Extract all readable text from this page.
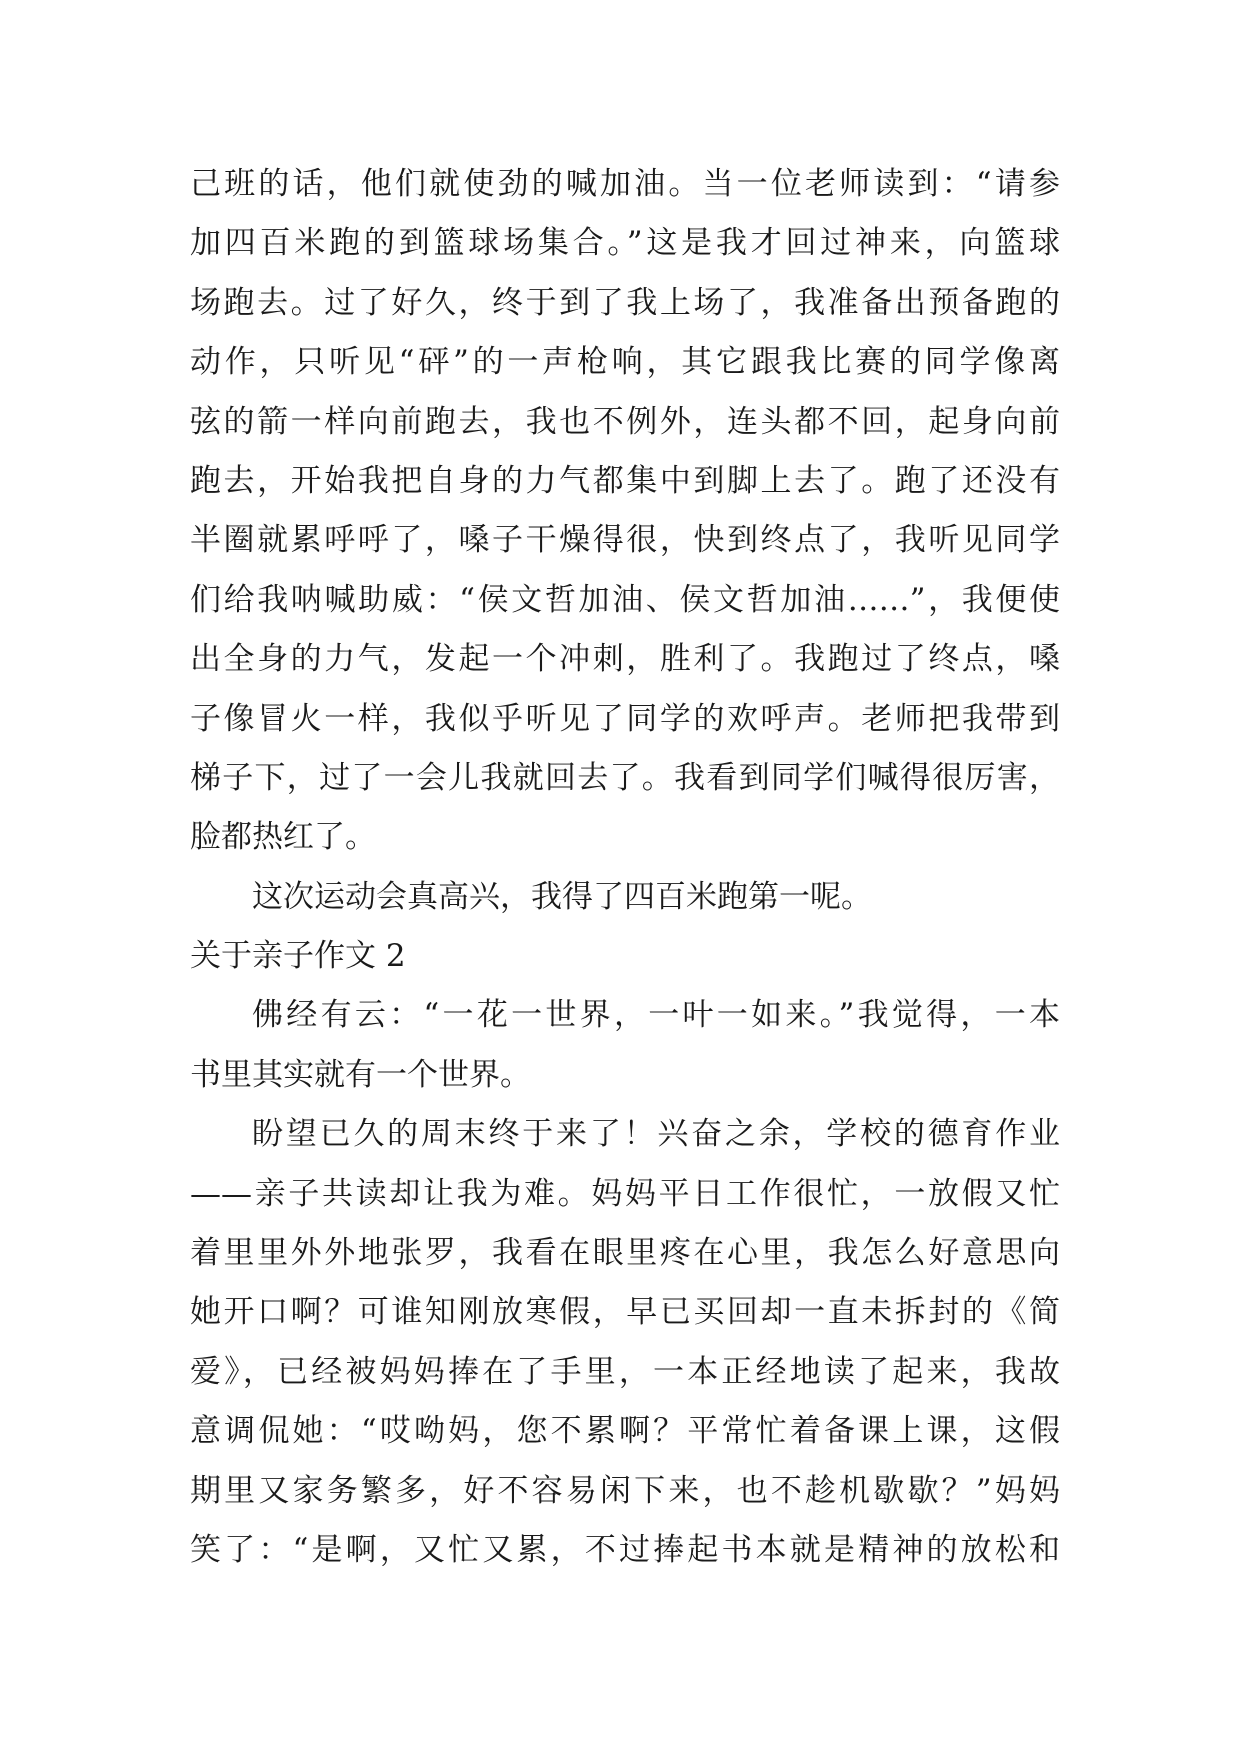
己班的话，他们就使劲的喊加油。当一位老师读到：“请参
加四百米跑的到篮球场集合。”这是我才回过神来，向篮球
场跑去。过了好久，终于到了我上场了，我准备出预备跑的
动作，只听见“砰”的一声枪响，其它跟我比赛的同学像离
弦的箭一样向前跑去，我也不例外，连头都不回，起身向前
跑去，开始我把自身的力气都集中到脚上去了。跑了还没有
半圈就累呼呼了，嗓子干燥得很，快到终点了，我听见同学
们给我呐喊助威：“侯文哲加油、侯文哲加油……”，我便使
出全身的力气，发起一个冲刺，胜利了。我跑过了终点，嗓
子像冒火一样，我似乎听见了同学的欢呼声。老师把我带到
梯子下，过了一会儿我就回去了。我看到同学们喊得很厉害，
脸都热红了。
这次运动会真高兴，我得了四百米跑第一呢。
关于亲子作文 2
佛经有云：“一花一世界，一叶一如来。”我觉得，一本
书里其实就有一个世界。
盼望已久的周末终于来了！兴奋之余，学校的德育作业
——亲子共读却让我为难。妈妈平日工作很忙，一放假又忙
着里里外外地张罗，我看在眼里疼在心里，我怎么好意思向
她开口啊？可谁知刚放寒假，早已买回却一直未拆封的《简
爱》，已经被妈妈捧在了手里，一本正经地读了起来，我故
意调侃她：“哎呦妈，您不累啊？平常忙着备课上课，这假
期里又家务繁多，好不容易闲下来，也不趁机歇歇？”妈妈
笑了：“是啊，又忙又累，不过捧起书本就是精神的放松和
